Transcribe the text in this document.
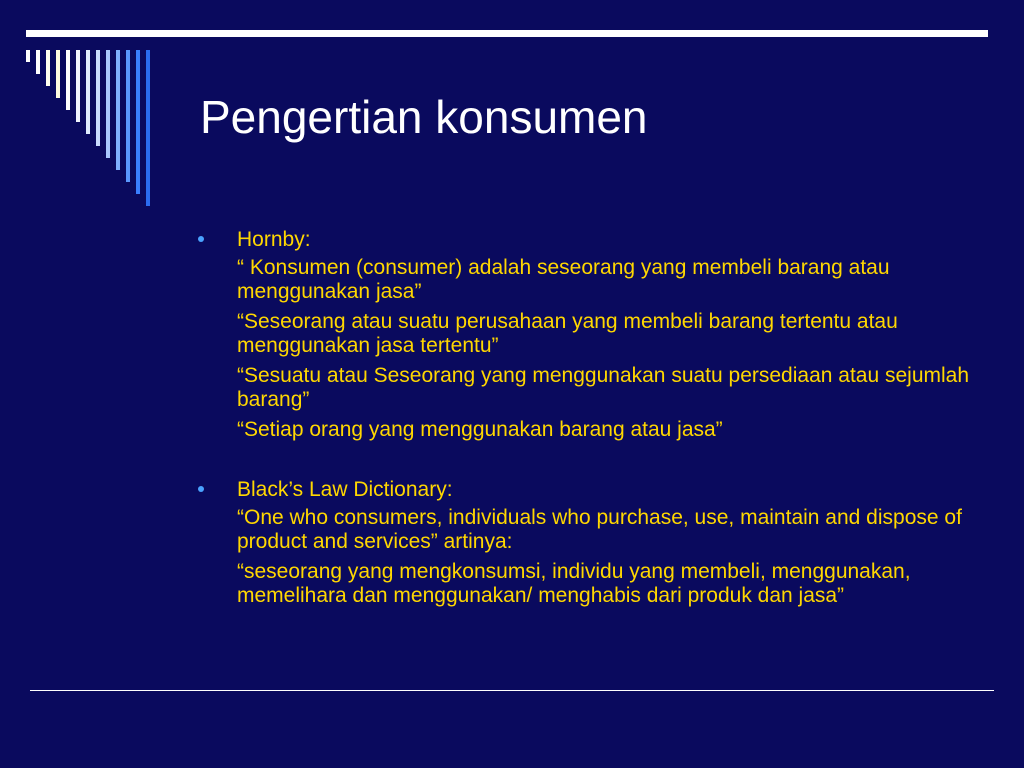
Pengertian konsumen
Hornby:
“ Konsumen (consumer) adalah seseorang yang membeli barang atau menggunakan jasa”
“Seseorang atau suatu perusahaan yang membeli barang tertentu atau menggunakan jasa tertentu”
“Sesuatu atau Seseorang yang menggunakan suatu persediaan atau sejumlah barang”
“Setiap orang yang menggunakan barang atau jasa”
Black’s Law Dictionary:
“One who consumers, individuals who purchase, use, maintain and dispose of product and services” artinya:
“seseorang yang mengkonsumsi, individu yang membeli, menggunakan, memelihara dan menggunakan/ menghabis dari produk dan jasa”
